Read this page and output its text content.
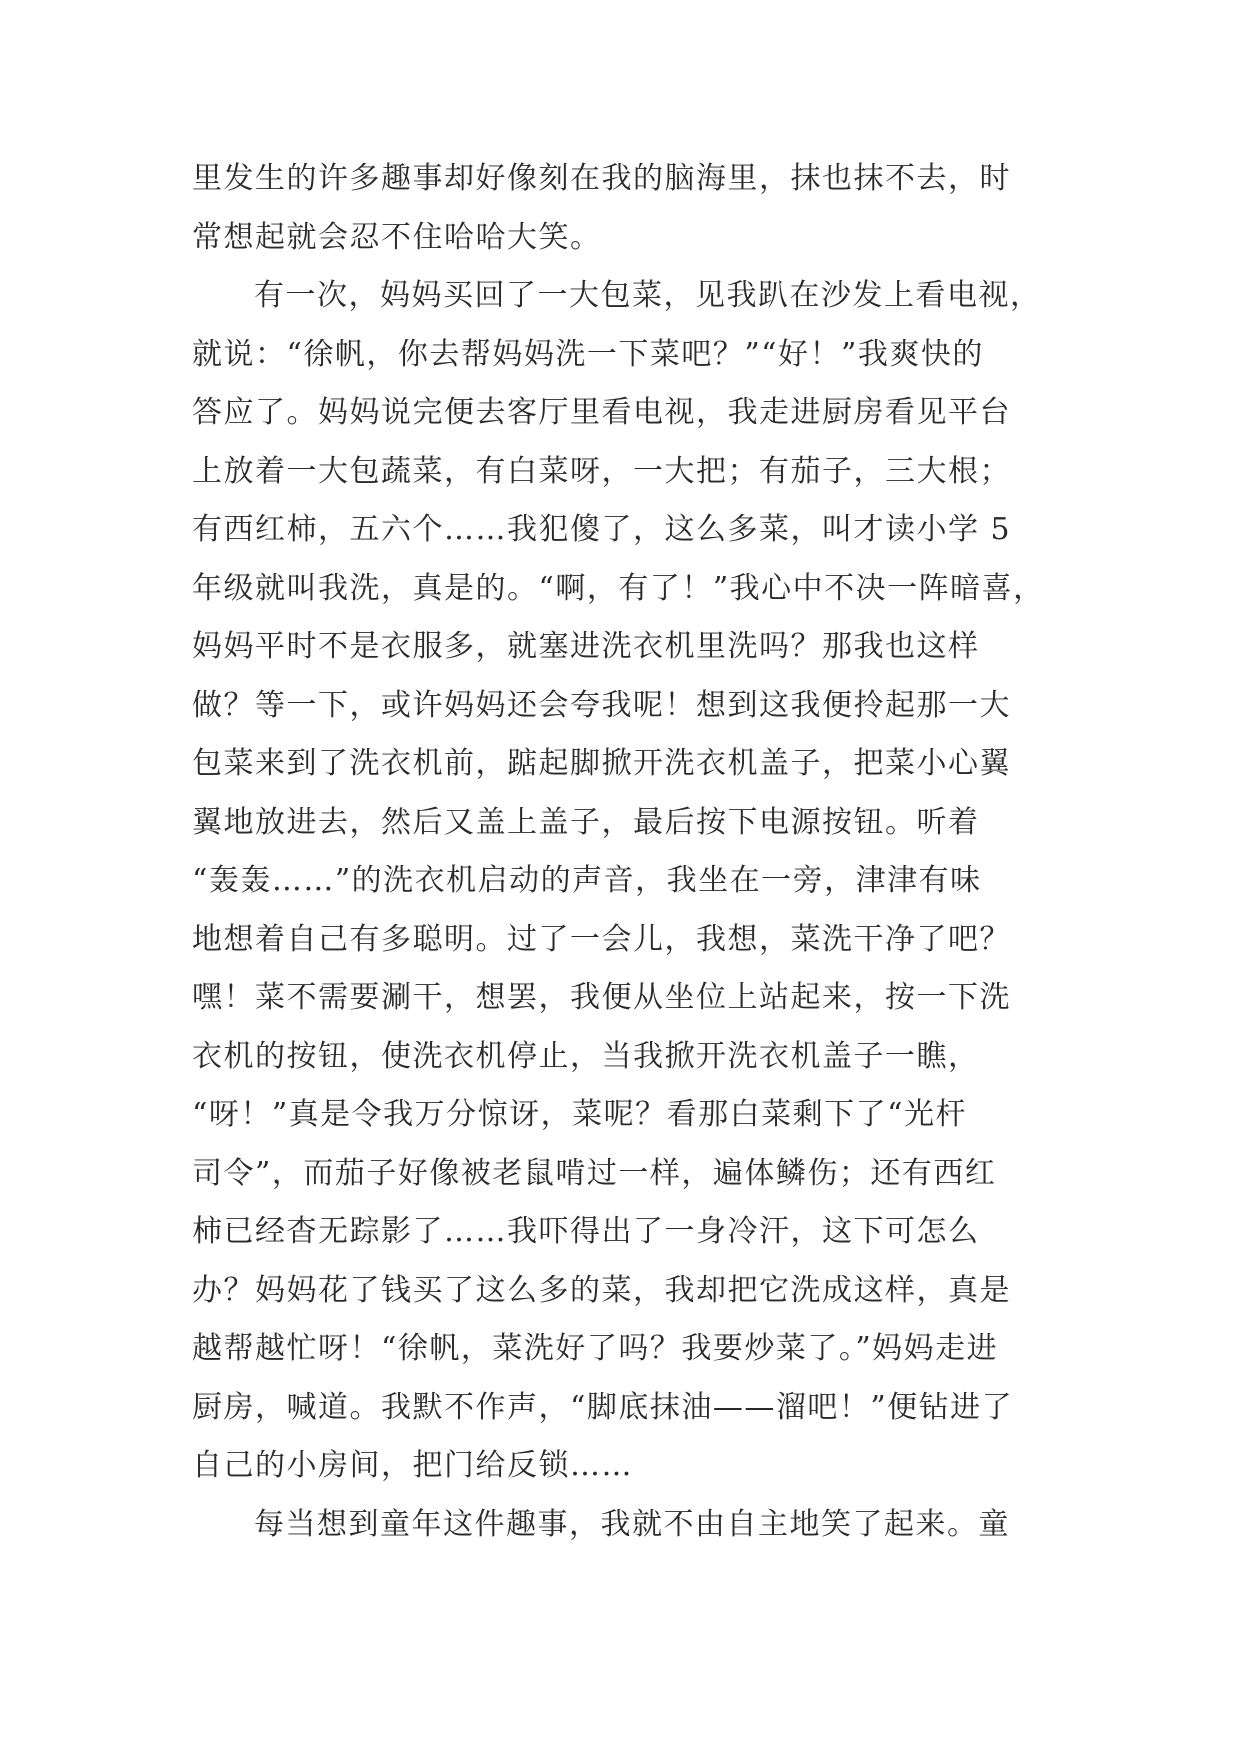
里发生的许多趣事却好像刻在我的脑海里，抹也抹不去，时
常想起就会忍不住哈哈大笑。
有一次，妈妈买回了一大包菜，见我趴在沙发上看电视，
就说：“徐帆，你去帮妈妈洗一下菜吧？”“好！”我爽快的
答应了。妈妈说完便去客厅里看电视，我走进厨房看见平台
上放着一大包蔬菜，有白菜呀，一大把；有茄子，三大根；
有西红柿，五六个……我犯傻了，这么多菜，叫才读小学 5
年级就叫我洗，真是的。“啊，有了！”我心中不决一阵暗喜，
妈妈平时不是衣服多，就塞进洗衣机里洗吗？那我也这样
做？等一下，或许妈妈还会夸我呢！想到这我便拎起那一大
包菜来到了洗衣机前，踮起脚掀开洗衣机盖子，把菜小心翼
翼地放进去，然后又盖上盖子，最后按下电源按钮。听着
“轰轰……”的洗衣机启动的声音，我坐在一旁，津津有味
地想着自己有多聪明。过了一会儿，我想，菜洗干净了吧？
嘿！菜不需要涮干，想罢，我便从坐位上站起来，按一下洗
衣机的按钮，使洗衣机停止，当我掀开洗衣机盖子一瞧，
“呀！”真是令我万分惊讶，菜呢？看那白菜剩下了“光杆
司令”，而茄子好像被老鼠啃过一样，遍体鳞伤；还有西红
柿已经杳无踪影了……我吓得出了一身冷汗，这下可怎么
办？妈妈花了钱买了这么多的菜，我却把它洗成这样，真是
越帮越忙呀！“徐帆，菜洗好了吗？我要炒菜了。”妈妈走进
厨房，喊道。我默不作声，“脚底抹油——溜吧！”便钻进了
自己的小房间，把门给反锁……
每当想到童年这件趣事，我就不由自主地笑了起来。童
